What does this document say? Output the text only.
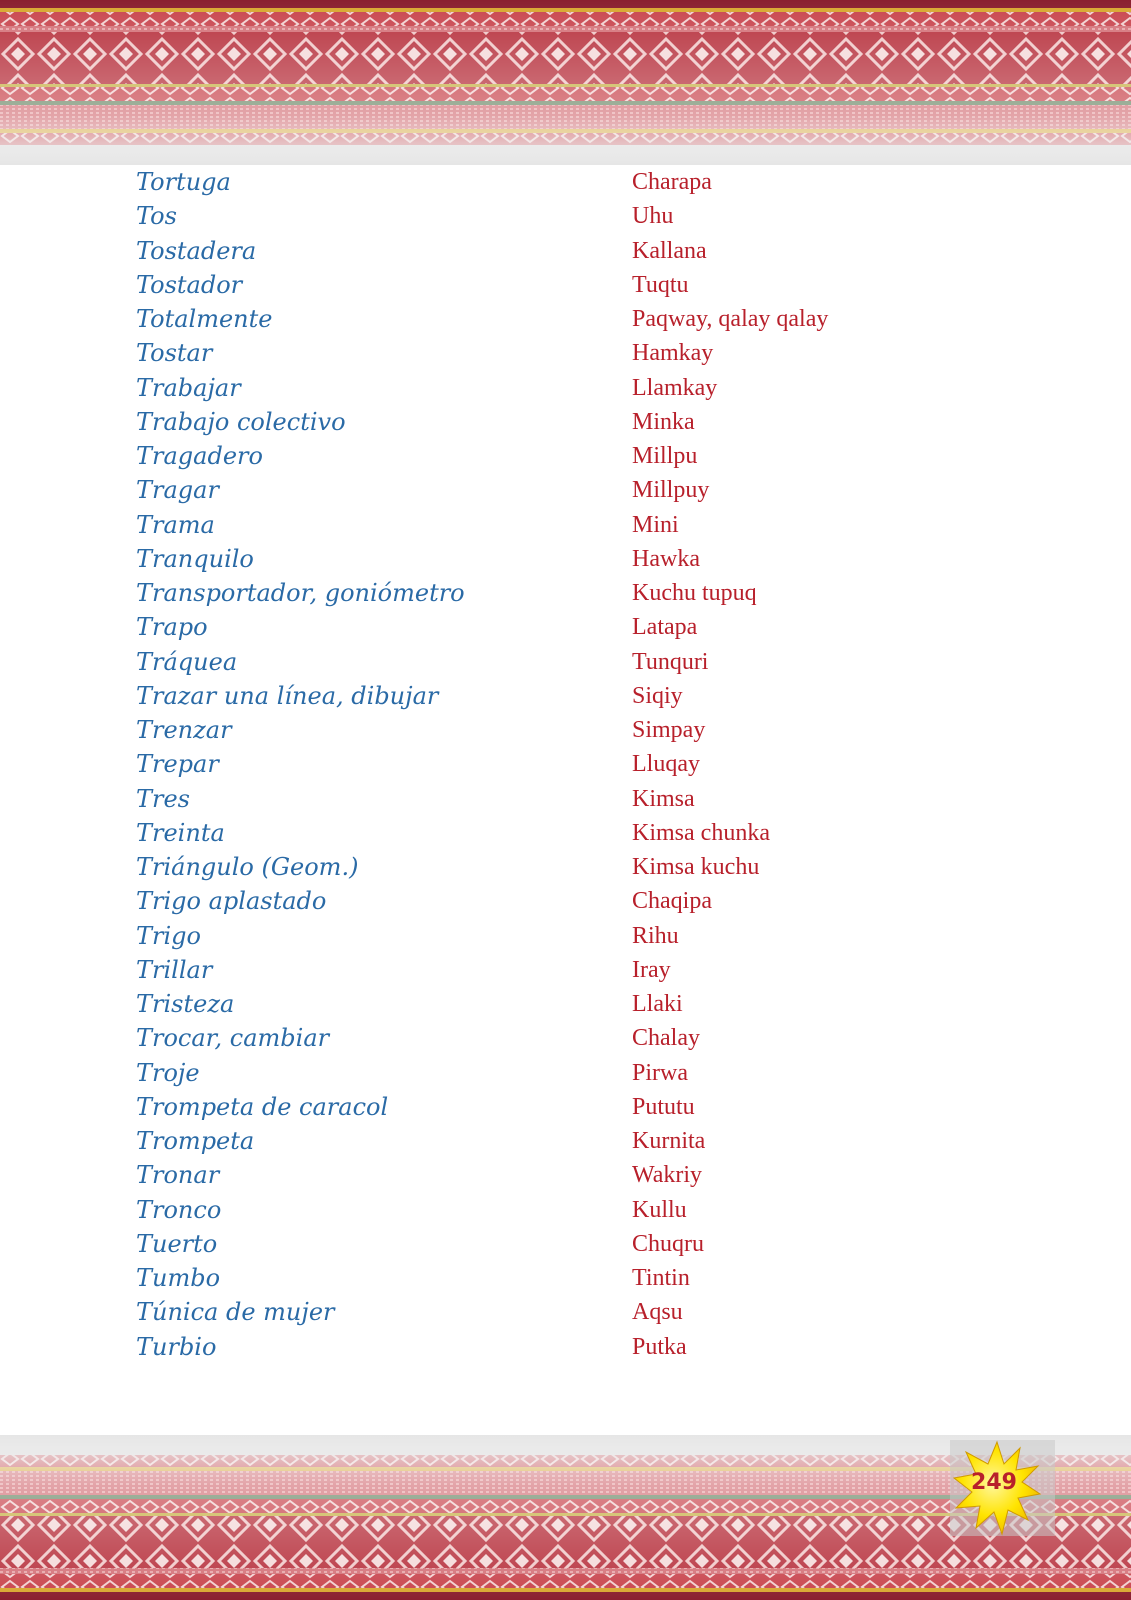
Tortuga	Charapa
Tos	Uhu
Tostadera	Kallana
Tostador	Tuqtu
Totalmente	Paqway, qalay qalay
Tostar	Hamkay
Trabajar	Llamkay
Trabajo colectivo	Minka
Tragadero	Millpu
Tragar	Millpuy
Trama	Mini
Tranquilo	Hawka
Transportador, goniómetro	Kuchu tupuq
Trapo	Latapa
Tráquea	Tunquri
Trazar una línea, dibujar	Siqiy
Trenzar	Simpay
Trepar	Lluqay
Tres	Kimsa
Treinta	Kimsa chunka
Triángulo (Geom.)	Kimsa kuchu
Trigo aplastado	Chaqipa
Trigo	Rihu
Trillar	Iray
Tristeza	Llaki
Trocar, cambiar	Chalay
Troje	Pirwa
Trompeta de caracol	Pututu
Trompeta	Kurnita
Tronar	Wakriy
Tronco	Kullu
Tuerto	Chuqru
Tumbo	Tintin
Túnica de mujer	Aqsu
Turbio	Putka
249
